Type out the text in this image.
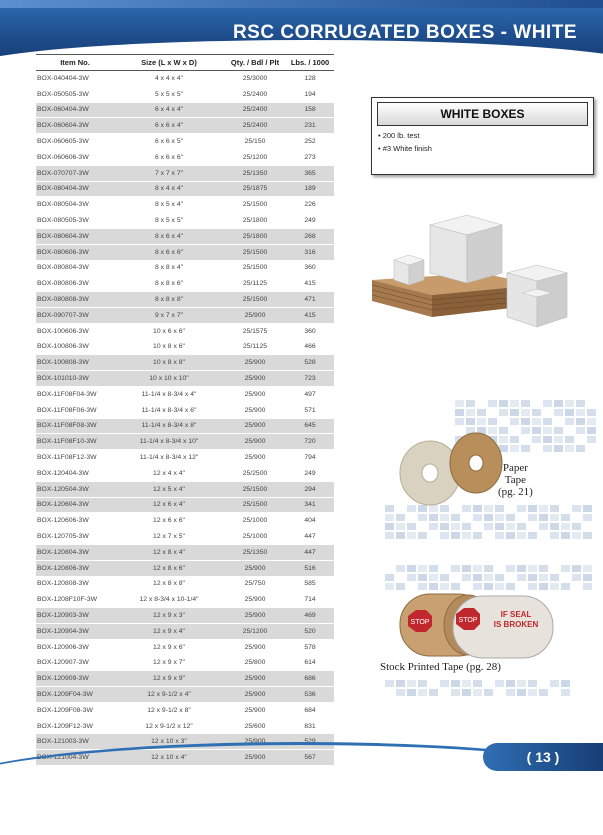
RSC CORRUGATED BOXES - WHITE
Item No.	Size (L x W x D)	Qty. / Bdl / Plt	Lbs. / 1000
BOX-040404-3W	4 x 4 x 4"	25/3000	128
BOX-050505-3W	5 x 5 x 5"	25/2400	194
BOX-060404-3W	6 x 4 x 4"	25/2400	158
BOX-060604-3W	6 x 6 x 4"	25/2400	231
BOX-060605-3W	6 x 6 x 5"	25/150	252
BOX-060606-3W	6 x 6 x 6"	25/1200	273
BOX-070707-3W	7 x 7 x 7"	25/1350	365
BOX-080404-3W	8 x 4 x 4"	25/1875	189
BOX-080504-3W	8 x 5 x 4"	25/1500	226
BOX-080505-3W	8 x 5 x 5"	25/1800	249
BOX-080604-3W	8 x 6 x 4"	25/1800	268
BOX-080606-3W	8 x 6 x 6"	25/1500	316
BOX-080804-3W	8 x 8 x 4"	25/1500	360
BOX-080806-3W	8 x 8 x 6"	25/1125	415
BOX-080808-3W	8 x 8 x 8"	25/1500	471
BOX-090707-3W	9 x 7 x 7"	25/900	415
BOX-100606-3W	10 x 6 x 6"	25/1575	360
BOX-100806-3W	10 x 8 x 6"	25/1125	466
BOX-100808-3W	10 x 8 x 8"	25/900	528
BOX-101010-3W	10 x 10 x 10"	25/900	723
BOX-11F08F04-3W	11-1/4 x 8-3/4 x 4"	25/900	497
BOX-11F08F06-3W	11-1/4 x 8-3/4 x 6"	25/900	571
BOX-11F08F08-3W	11-1/4 x 8-3/4 x 8"	25/900	645
BOX-11F08F10-3W	11-1/4 x 8-3/4 x 10"	25/900	720
BOX-11F08F12-3W	11-1/4 x 8-3/4 x 12"	25/900	794
BOX-120404-3W	12 x 4 x 4"	25/2500	249
BOX-120504-3W	12 x 5 x 4"	25/1500	294
BOX-120604-3W	12 x 6 x 4"	25/1500	341
BOX-120606-3W	12 x 6 x 6"	25/1000	404
BOX-120705-3W	12 x 7 x 5"	25/1000	447
BOX-120804-3W	12 x 8 x 4"	25/1350	447
BOX-120806-3W	12 x 8 x 6"	25/900	516
BOX-120808-3W	12 x 8 x 8"	25/750	585
BOX-1208F10F-3W	12 x 8-3/4 x 10-1/4"	25/900	714
BOX-120903-3W	12 x 9 x 3"	25/900	469
BOX-120904-3W	12 x 9 x 4"	25/1200	520
BOX-120906-3W	12 x 9 x 6"	25/900	578
BOX-120907-3W	12 x 9 x 7"	25/800	614
BOX-120909-3W	12 x 9 x 9"	25/900	686
BOX-1209F04-3W	12 x 9-1/2 x 4"	25/900	536
BOX-1209F08-3W	12 x 9-1/2 x 8"	25/900	684
BOX-1209F12-3W	12 x 9-1/2 x 12"	25/600	831
BOX-121003-3W	12 x 10 x 3"	25/900	529
BOX-121004-3W	12 x 10 x 4"	25/900	567
WHITE BOXES
• 200 lb. test
• #3 White finish
Paper
Tape
(pg. 21)
STOP	STOP
IF SEAL
IS BROKEN
Stock Printed Tape (pg. 28)
( 13 )
